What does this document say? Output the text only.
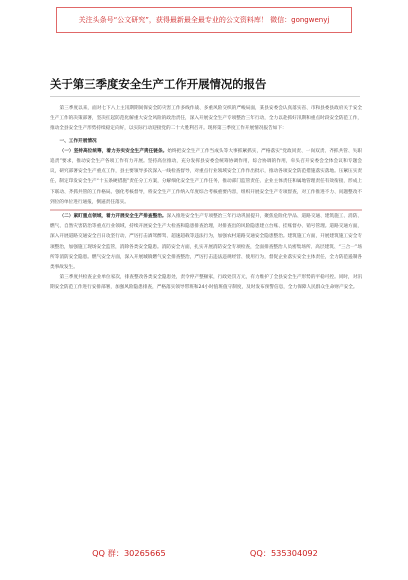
关注头条号“公文研究”，获得最新最全最专业的公文资料库！ 微信：gongwenyj
关于第三季度安全生产工作开展情况的报告

第三季度以来，面对七下八上主汛期期间保安全防灾害工作多线作战、多重风险交织的严峻局面，某县安委会认真落实省、市和县委县政府关于安全生产工作的决策部署，坚决扛起防范化解重大安全风险的政治责任，深入开展安全生产专项整治三年行动，全力以赴抓好汛期和重点时段安全防范工作，推动全县安全生产形势持续稳定向好，以实际行动迎接党的二十大胜利召开。现将第三季度工作开展情况报告如下：

一、工作开展情况

（一）坚持高位统筹，着力夯实安全生产责任链条。始终把安全生产工作当成头等大事抓紧抓实，严格落实“党政同责、一岗双责、齐抓共管、失职追责”要求，推动安全生产各项工作有力开展。坚持高位推动，充分发挥县安委会统筹协调作用，综合协调的作用，牵头召开安委会全体会议和专题会议，研究部署安全生产重点工作，县主要领导多次深入一线检查督导，对重点行业领域安全工作作出批示，推动各项安全防范措施落实落地。压紧压实责任，制定印发安全生产“十五条硬措施”责任分工方案，分解细化安全生产工作任务，推动部门监管责任、企业主体责任和属地管理责任有效衔接，形成上下联动、齐抓共管的工作格局。强化考核督导，将安全生产工作纳入年度综合考核重要内容，组织开展安全生产专项督查，对工作推进不力、问题整改不到位的单位进行通报，倒逼责任落实。

（二）紧盯重点领域，着力开展安全生产排查整治。深入推进安全生产专项整治三年行动巩固提升，聚焦危险化学品、道路交通、建筑施工、消防、燃气、自然灾害防治等重点行业领域，持续开展安全生产大检查和隐患排查治理，对排查出的风险隐患建立台账、挂账督办、销号管理。道路交通方面，深入开展道路交通安全百日攻坚行动，严厉打击酒驾醉驾、超速超载等违法行为，加强农村道路交通安全隐患整治。建筑施工方面，开展建筑施工安全专项整治，加强施工现场安全监管，消除各类安全隐患。消防安全方面，扎实开展消防安全专项检查，全面排查整治人员密集场所、高层建筑、“三合一”场所等消防安全隐患。燃气安全方面，深入开展城镇燃气安全排查整治，严厉打击违法违规经营、使用行为，督促企业落实安全主体责任，全力防范遏制各类事故发生。

第三季度共检查企业单位家次，排查整改各类安全隐患处，责令停产整顿家，行政处罚万元，有力维护了全县安全生产形势的平稳可控。同时，对汛期安全防范工作进行安排部署，加强风险隐患排查，严格落实领导带班和24小时值班值守制度，及时发布预警信息，全力保障人民群众生命财产安全。

QQ 群：30265665	QQ：535304092
